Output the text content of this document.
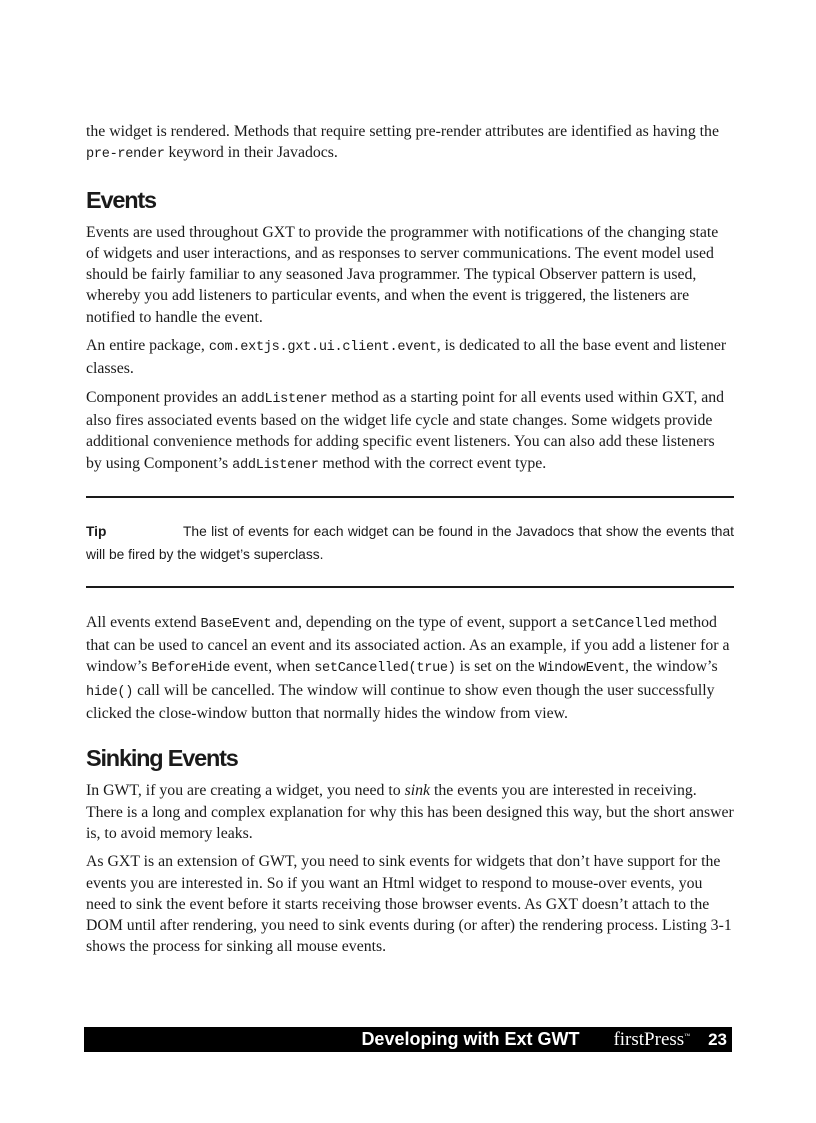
the widget is rendered. Methods that require setting pre-render attributes are identified as having the pre-render keyword in their Javadocs.

Events

Events are used throughout GXT to provide the programmer with notifications of the changing state of widgets and user interactions, and as responses to server communications. The event model used should be fairly familiar to any seasoned Java programmer. The typical Observer pattern is used, whereby you add listeners to particular events, and when the event is triggered, the listeners are notified to handle the event.

An entire package, com.extjs.gxt.ui.client.event, is dedicated to all the base event and listener classes.

Component provides an addListener method as a starting point for all events used within GXT, and also fires associated events based on the widget life cycle and state changes. Some widgets provide additional convenience methods for adding specific event listeners. You can also add these listeners by using Component’s addListener method with the correct event type.

Tip	The list of events for each widget can be found in the Javadocs that show the events that will be fired by the widget’s superclass.

All events extend BaseEvent and, depending on the type of event, support a setCancelled method that can be used to cancel an event and its associated action. As an example, if you add a listener for a window’s BeforeHide event, when setCancelled(true) is set on the WindowEvent, the window’s hide() call will be cancelled. The window will continue to show even though the user successfully clicked the close-window button that normally hides the window from view.

Sinking Events

In GWT, if you are creating a widget, you need to sink the events you are interested in receiving. There is a long and complex explanation for why this has been designed this way, but the short answer is, to avoid memory leaks.

As GXT is an extension of GWT, you need to sink events for widgets that don’t have support for the events you are interested in. So if you want an Html widget to respond to mouse-over events, you need to sink the event before it starts receiving those browser events. As GXT doesn’t attach to the DOM until after rendering, you need to sink events during (or after) the rendering process. Listing 3-1 shows the process for sinking all mouse events.

Developing with Ext GWT firstPress™ 23
